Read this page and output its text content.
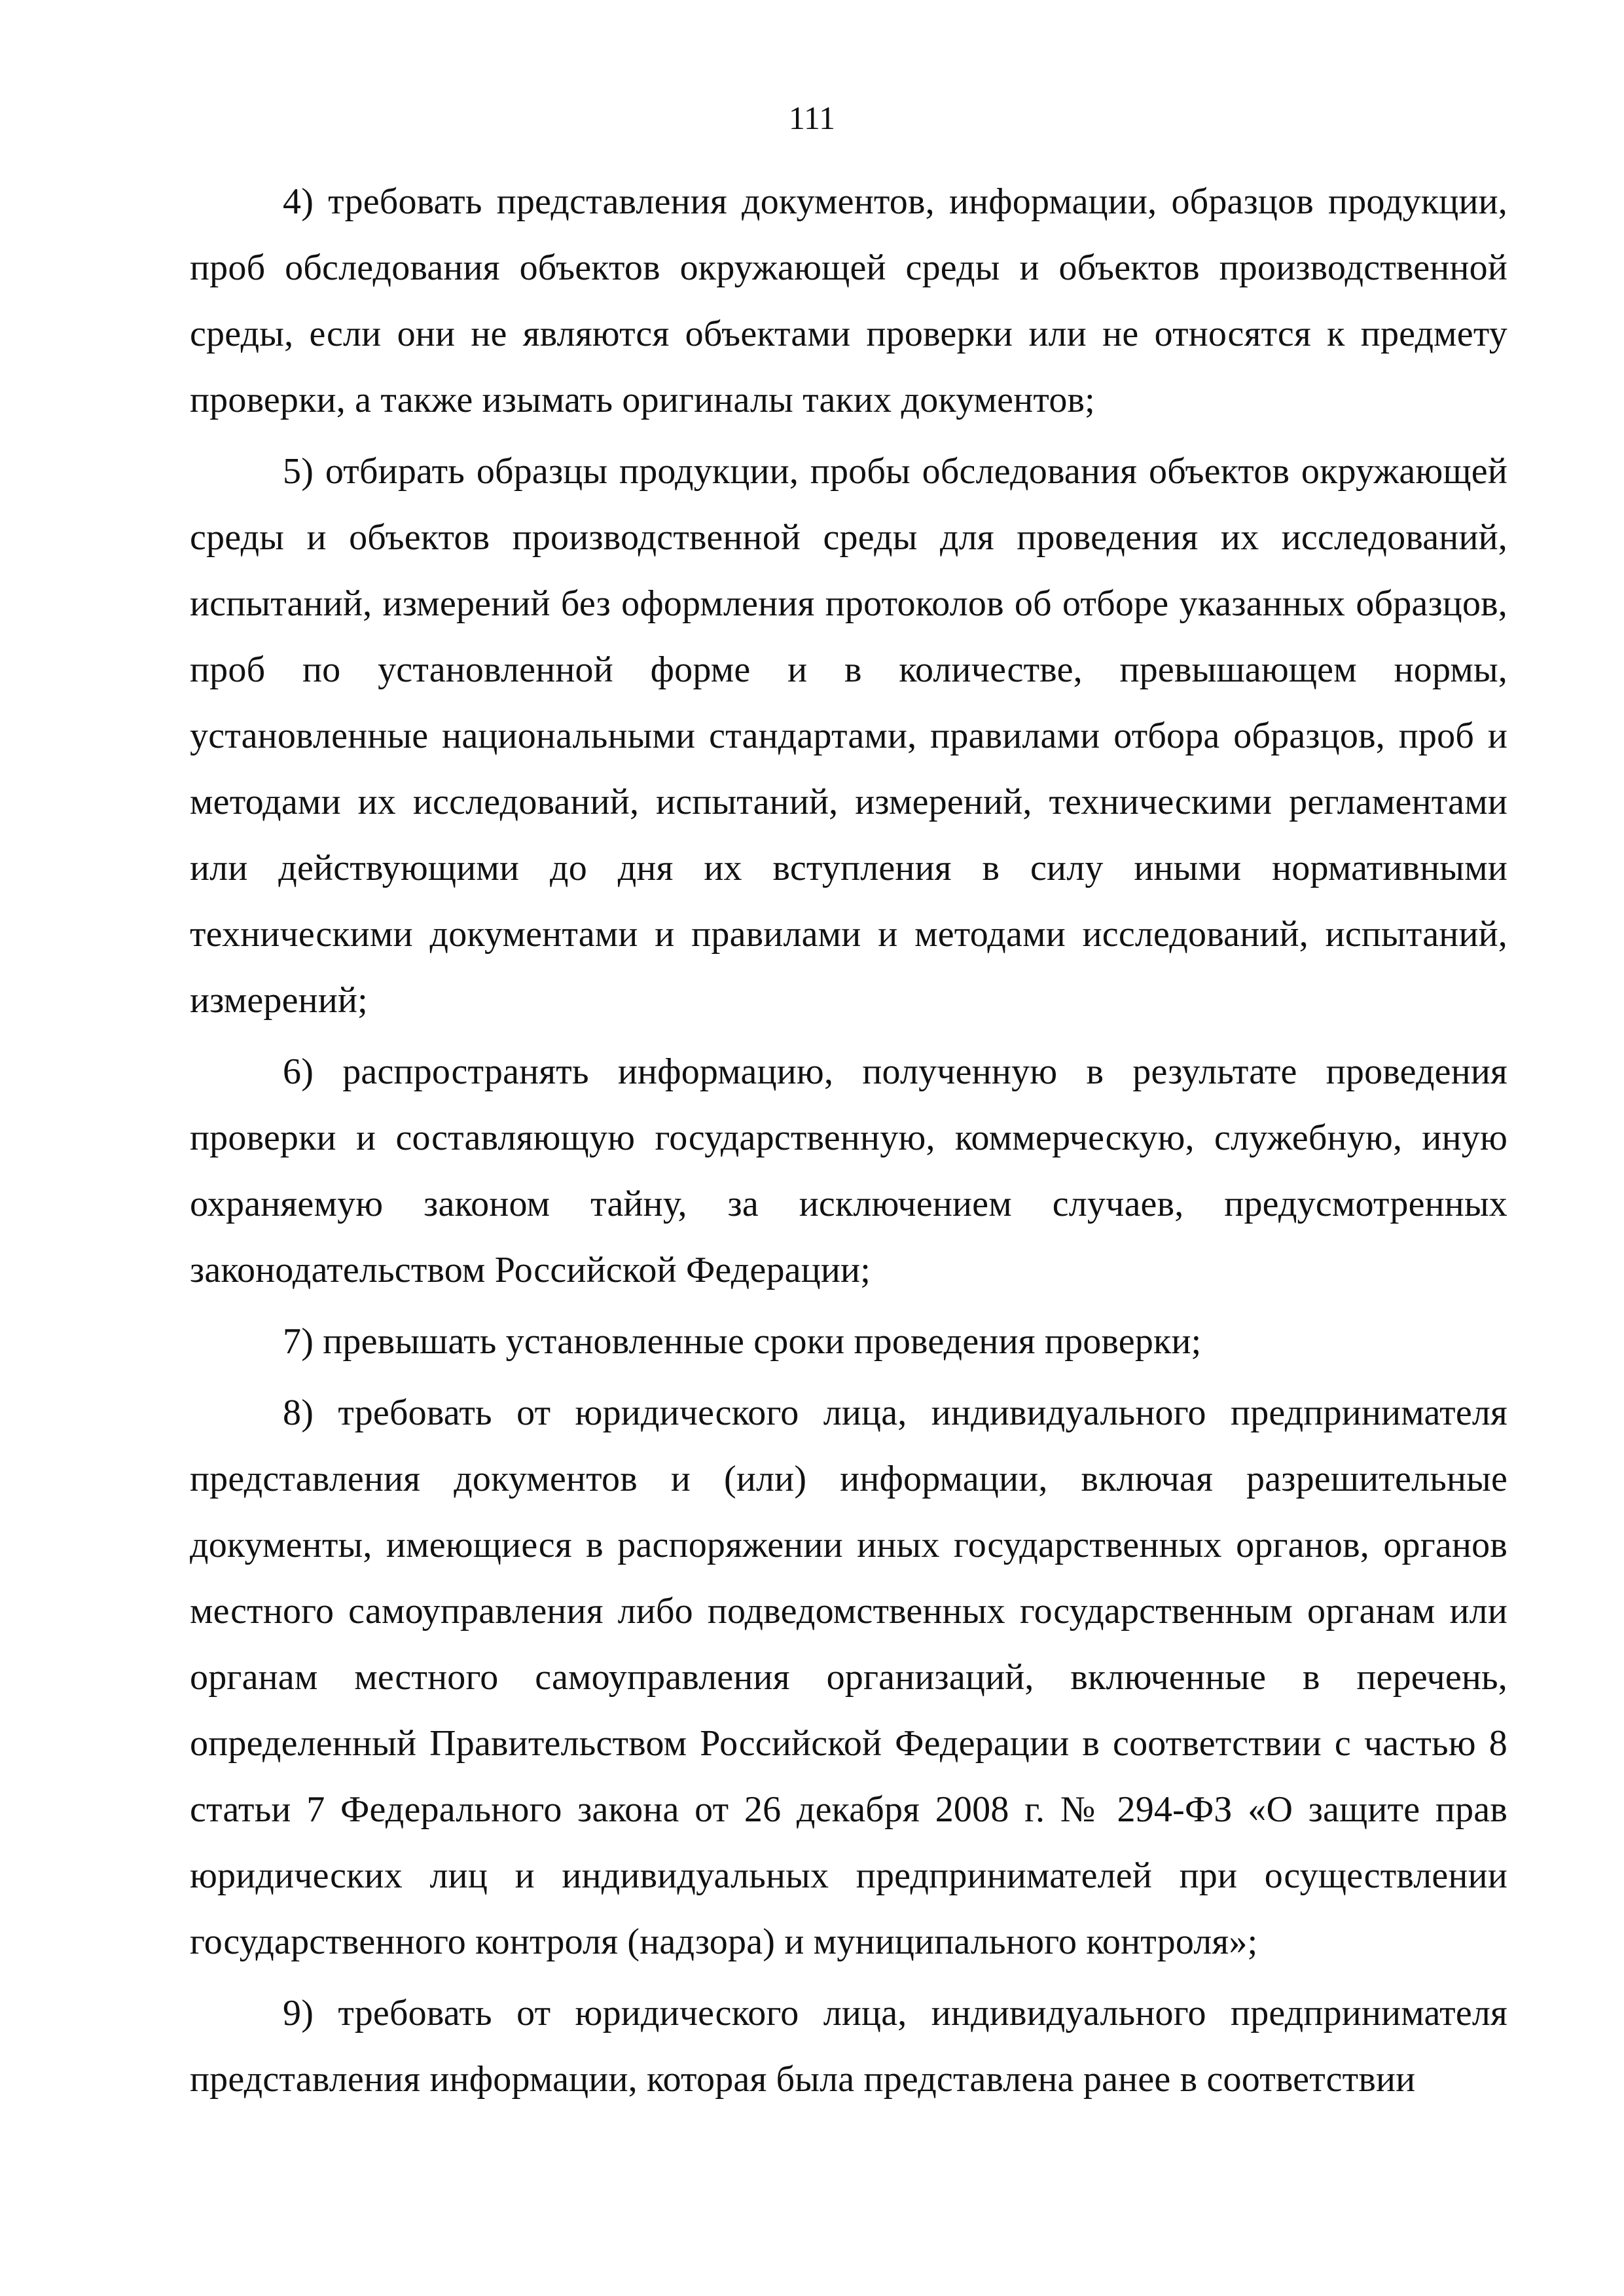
111

4) требовать представления документов, информации, образцов продукции, проб обследования объектов окружающей среды и объектов производственной среды, если они не являются объектами проверки или не относятся к предмету проверки, а также изымать оригиналы таких документов;

5) отбирать образцы продукции, пробы обследования объектов окружающей среды и объектов производственной среды для проведения их исследований, испытаний, измерений без оформления протоколов об отборе указанных образцов, проб по установленной форме и в количестве, превышающем нормы, установленные национальными стандартами, правилами отбора образцов, проб и методами их исследований, испытаний, измерений, техническими регламентами или действующими до дня их вступления в силу иными нормативными техническими документами и правилами и методами исследований, испытаний, измерений;

6) распространять информацию, полученную в результате проведения проверки и составляющую государственную, коммерческую, служебную, иную охраняемую законом тайну, за исключением случаев, предусмотренных законодательством Российской Федерации;

7) превышать установленные сроки проведения проверки;

8) требовать от юридического лица, индивидуального предпринимателя представления документов и (или) информации, включая разрешительные документы, имеющиеся в распоряжении иных государственных органов, органов местного самоуправления либо подведомственных государственным органам или органам местного самоуправления организаций, включенные в перечень, определенный Правительством Российской Федерации в соответствии с частью 8 статьи 7 Федерального закона от 26 декабря 2008 г. № 294-ФЗ «О защите прав юридических лиц и индивидуальных предпринимателей при осуществлении государственного контроля (надзора) и муниципального контроля»;

9) требовать от юридического лица, индивидуального предпринимателя представления информации, которая была представлена ранее в соответствии
